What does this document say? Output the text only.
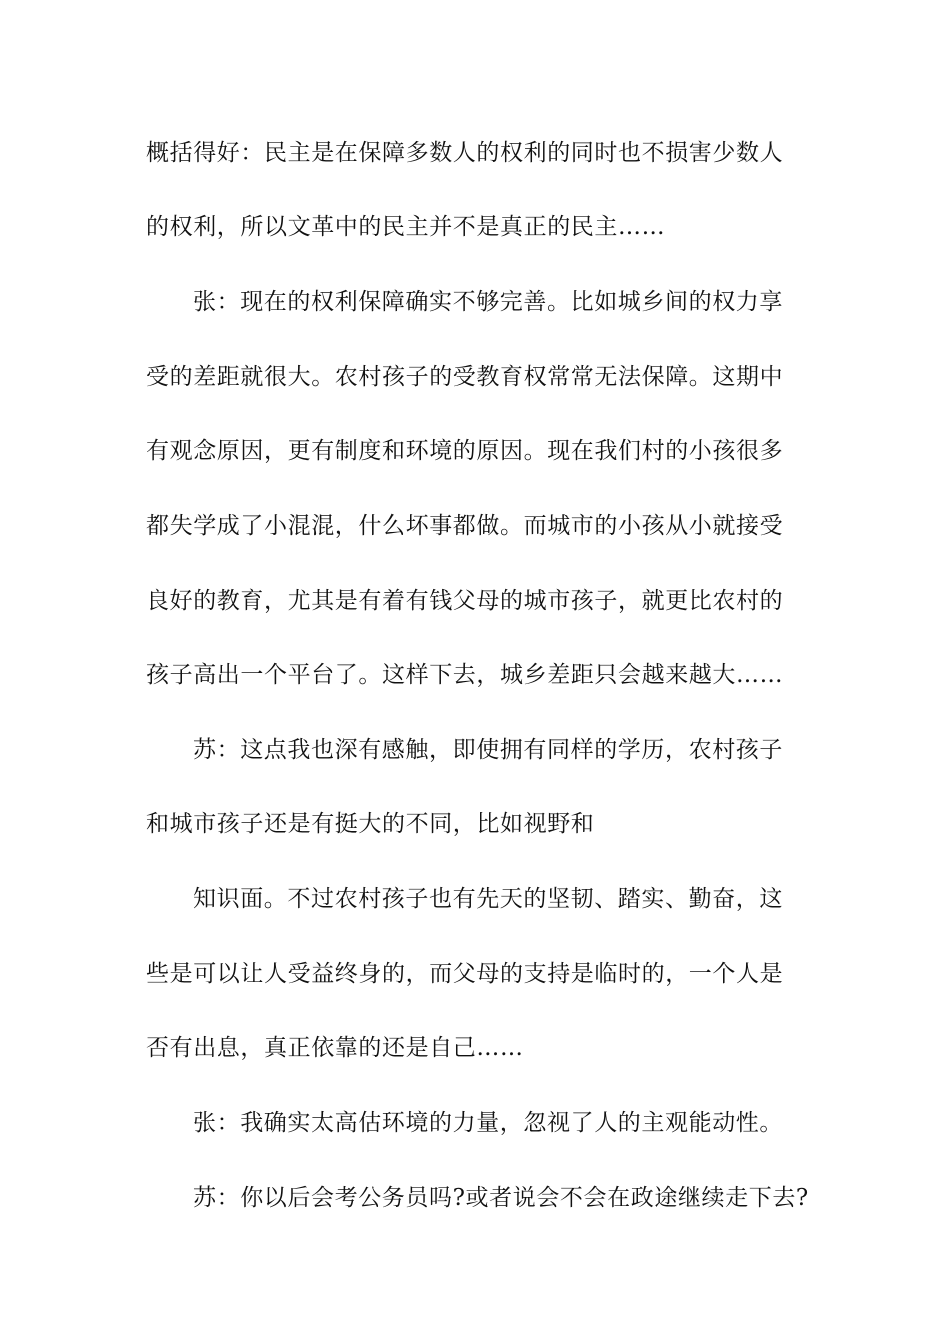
概括得好：民主是在保障多数人的权利的同时也不损害少数人

的权利，所以文革中的民主并不是真正的民主……

张：现在的权利保障确实不够完善。比如城乡间的权力享

受的差距就很大。农村孩子的受教育权常常无法保障。这期中

有观念原因，更有制度和环境的原因。现在我们村的小孩很多

都失学成了小混混，什么坏事都做。而城市的小孩从小就接受

良好的教育，尤其是有着有钱父母的城市孩子，就更比农村的

孩子高出一个平台了。这样下去，城乡差距只会越来越大……

苏：这点我也深有感触，即使拥有同样的学历，农村孩子

和城市孩子还是有挺大的不同，比如视野和

知识面。不过农村孩子也有先天的坚韧、踏实、勤奋，这

些是可以让人受益终身的，而父母的支持是临时的，一个人是

否有出息，真正依靠的还是自己……

张：我确实太高估环境的力量，忽视了人的主观能动性。

苏：你以后会考公务员吗?或者说会不会在政途继续走下去?
